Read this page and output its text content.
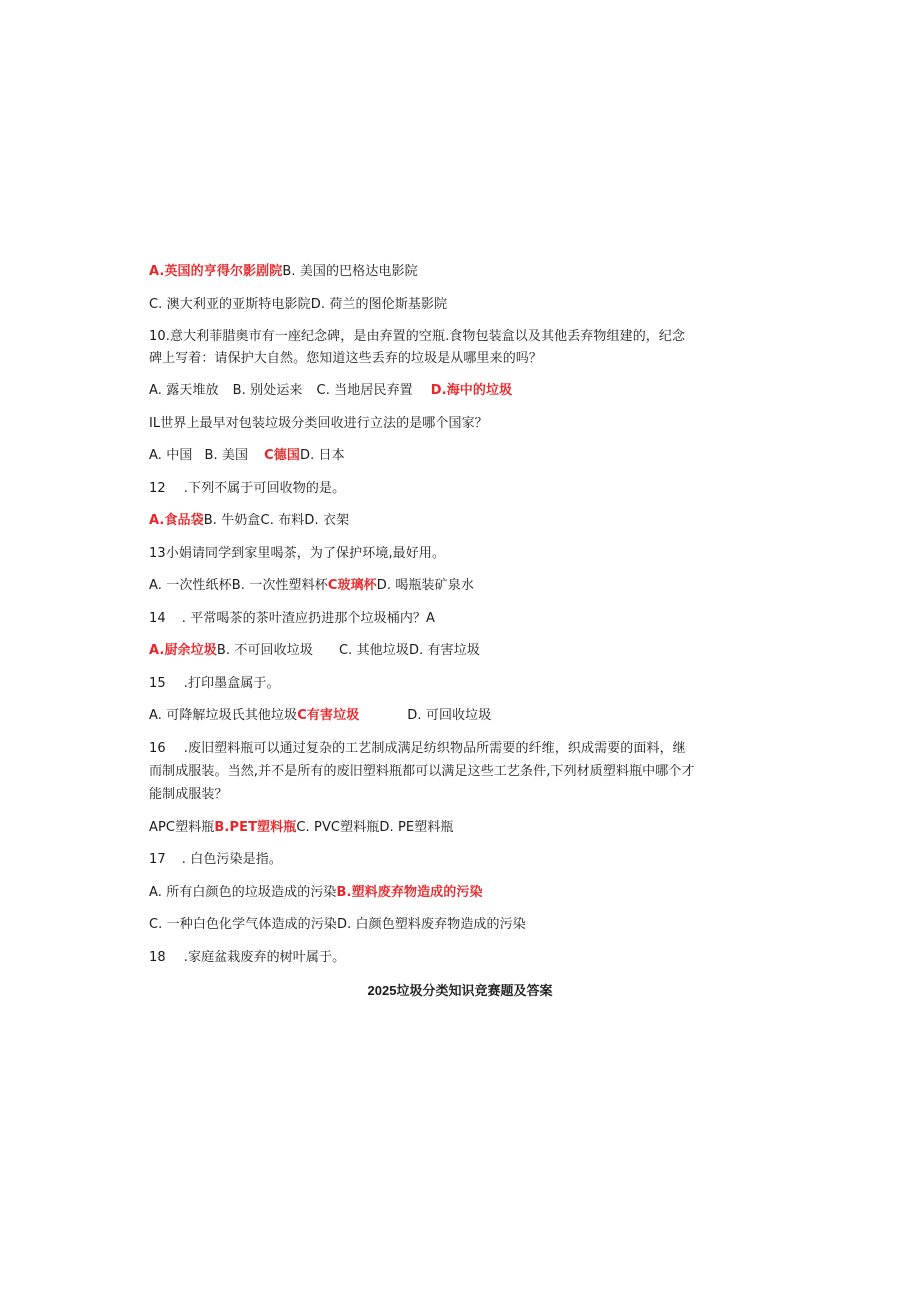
A.英国的亨得尔影剧院B. 美国的巴格达电影院
C. 澳大利亚的亚斯特电影院D. 荷兰的图伦斯基影院
10.意大利菲腊奥市有一座纪念碑，是由弃置的空瓶.食物包装盒以及其他丢弃物组建的，纪念
碑上写着：请保护大自然。您知道这些丢弃的垃圾是从哪里来的吗？
A. 露天堆放 B. 别处运来 C. 当地居民弃置 D.海中的垃圾
IL世界上最早对包装垃圾分类回收进行立法的是哪个国家？
A. 中国 B. 美国 C德国D. 日本
12 .下列不属于可回收物的是。
A.食品袋B. 牛奶盒C. 布料D. 衣架
13小娟请同学到家里喝茶，为了保护环境,最好用。
A. 一次性纸杯B. 一次性塑料杯C玻璃杯D. 喝瓶装矿泉水
14 . 平常喝茶的茶叶渣应扔进那个垃圾桶内？A
A.厨余垃圾B. 不可回收垃圾 C. 其他垃圾D. 有害垃圾
15 .打印墨盒属于。
A. 可降解垃圾氏其他垃圾C有害垃圾	D. 可回收垃圾
16 .废旧塑料瓶可以通过复杂的工艺制成满足纺织物品所需要的纤维，织成需要的面料，继
而制成服装。当然,并不是所有的废旧塑料瓶都可以满足这些工艺条件,下列材质塑料瓶中哪个才
能制成服装？
APC塑料瓶B.PET塑料瓶C. PVC塑料瓶D. PE塑料瓶
17 . 白色污染是指。
A. 所有白颜色的垃圾造成的污染B.塑料废弃物造成的污染
C. 一种白色化学气体造成的污染D. 白颜色塑料废弃物造成的污染
18 .家庭盆栽废弃的树叶属于。
2025垃圾分类知识竞赛题及答案
